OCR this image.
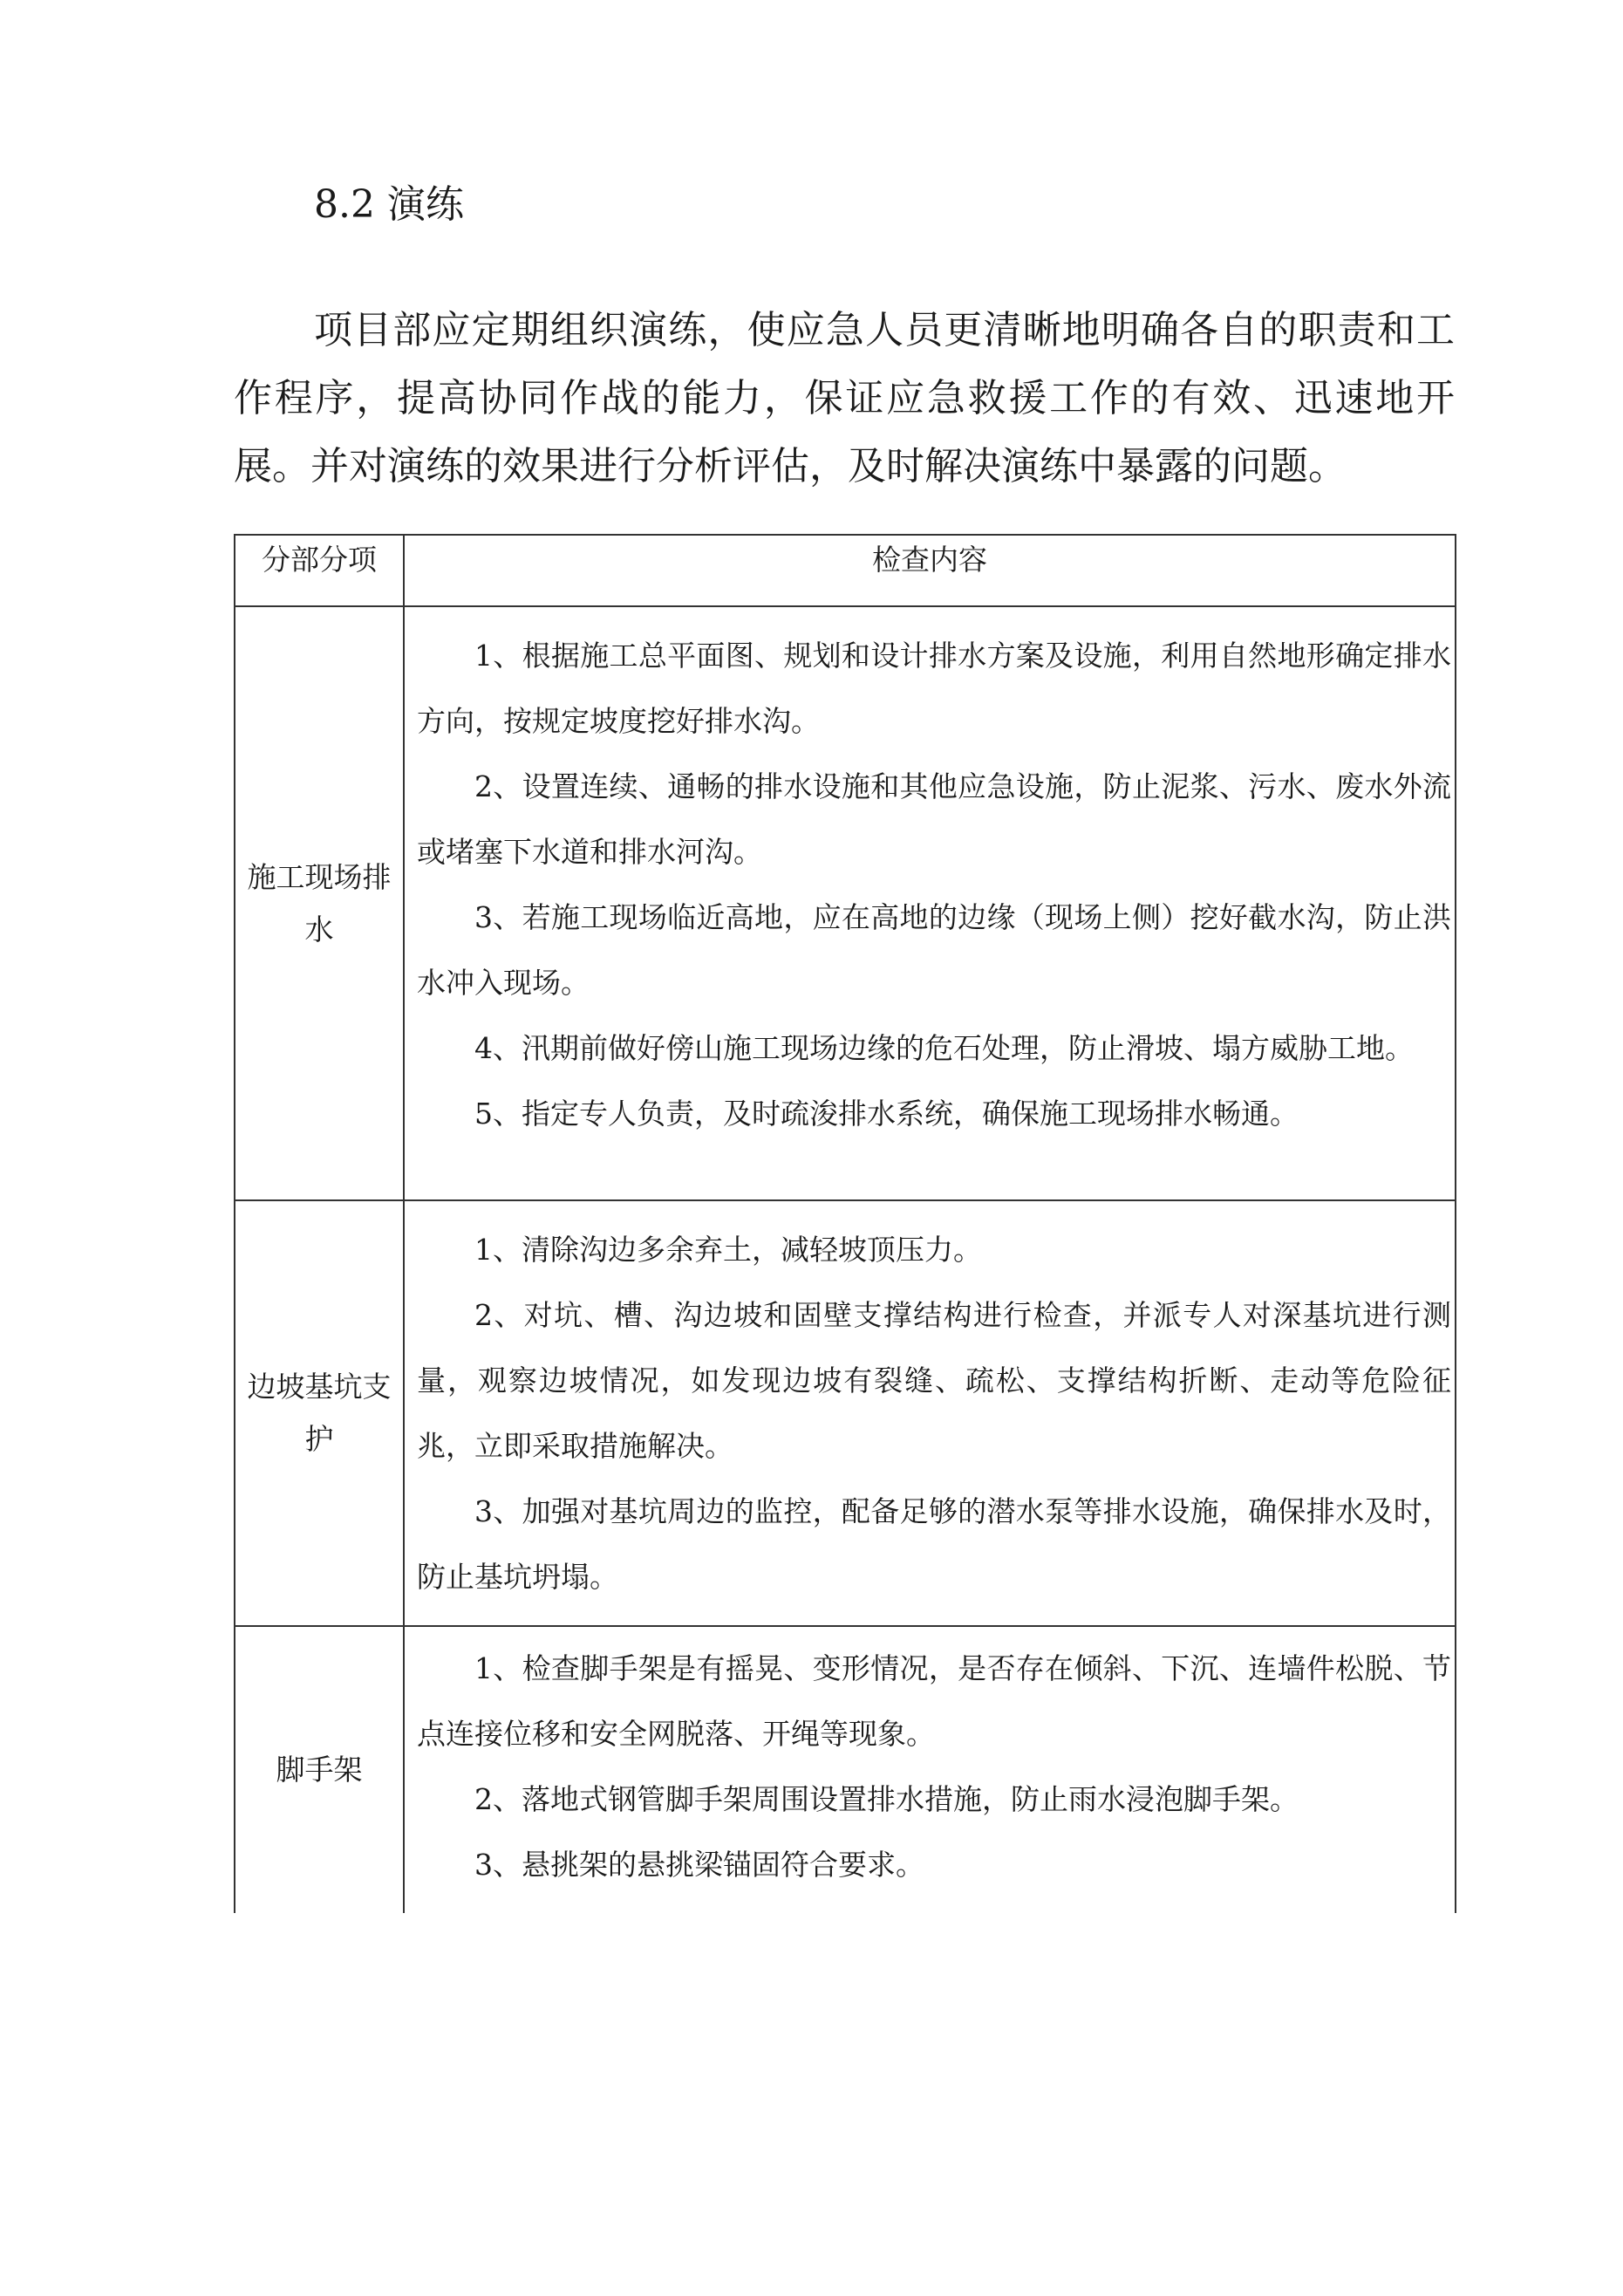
8.2 演练

项目部应定期组织演练，使应急人员更清晰地明确各自的职责和工作程序，提高协同作战的能力，保证应急救援工作的有效、迅速地开展。并对演练的效果进行分析评估，及时解决演练中暴露的问题。

分部分项	检查内容
施工现场排水	1、根据施工总平面图、规划和设计排水方案及设施，利用自然地形确定排水方向，按规定坡度挖好排水沟。

2、设置连续、通畅的排水设施和其他应急设施，防止泥浆、污水、废水外流或堵塞下水道和排水河沟。

3、若施工现场临近高地，应在高地的边缘（现场上侧）挖好截水沟，防止洪水冲入现场。

4、汛期前做好傍山施工现场边缘的危石处理，防止滑坡、塌方威胁工地。

5、指定专人负责，及时疏浚排水系统，确保施工现场排水畅通。

边坡基坑支护	1、清除沟边多余弃土，减轻坡顶压力。

2、对坑、槽、沟边坡和固壁支撑结构进行检查，并派专人对深基坑进行测量，观察边坡情况，如发现边坡有裂缝、疏松、支撑结构折断、走动等危险征兆，立即采取措施解决。

3、加强对基坑周边的监控，配备足够的潜水泵等排水设施，确保排水及时，防止基坑坍塌。

脚手架	1、检查脚手架是有摇晃、变形情况，是否存在倾斜、下沉、连墙件松脱、节点连接位移和安全网脱落、开绳等现象。

2、落地式钢管脚手架周围设置排水措施，防止雨水浸泡脚手架。

3、悬挑架的悬挑梁锚固符合要求。
